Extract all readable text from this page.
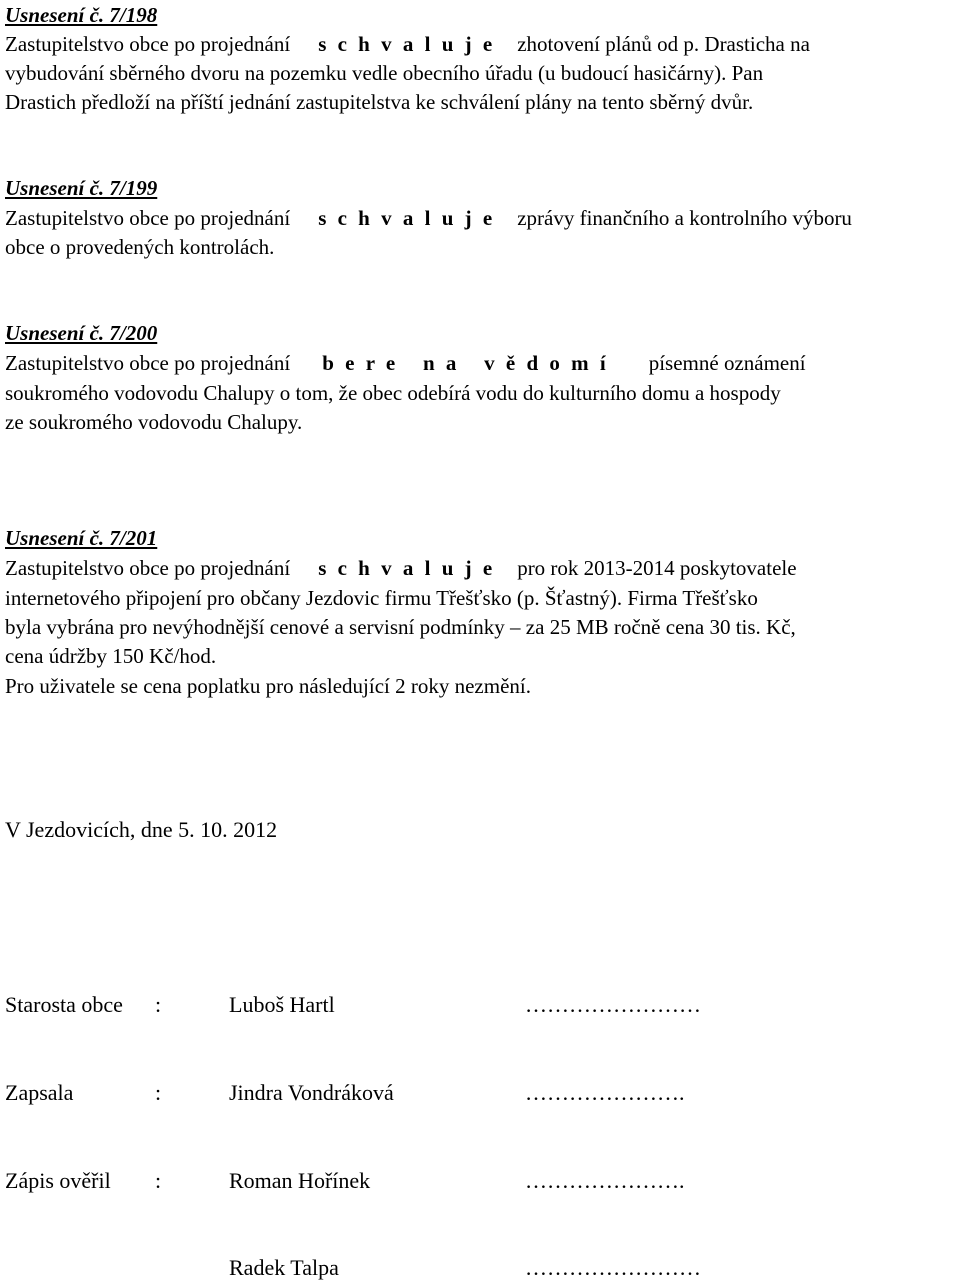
Usnesení č. 7/198
Zastupitelstvo obce po projednání s c h v a l u j e zhotovení plánů od p. Drasticha na
vybudování sběrného dvoru na pozemku vedle obecního úřadu (u budoucí hasičárny). Pan
Drastich předloží na příští jednání zastupitelstva ke schválení plány na tento sběrný dvůr.
Usnesení č. 7/199
Zastupitelstvo obce po projednání s c h v a l u j e zprávy finančního a kontrolního výboru
obce o provedených kontrolách.
Usnesení č. 7/200
Zastupitelstvo obce po projednání b e r e   n a   v ě d o m í písemné oznámení
soukromého vodovodu Chalupy o tom, že obec odebírá vodu do kulturního domu a hospody
ze soukromého vodovodu Chalupy.
Usnesení č. 7/201
Zastupitelstvo obce po projednání s c h v a l u j e pro rok 2013-2014 poskytovatele
internetového připojení pro občany Jezdovic firmu Třešťsko (p. Šťastný). Firma Třešťsko
byla vybrána pro nevýhodnější cenové a servisní podmínky – za 25 MB ročně cena 30 tis. Kč,
cena údržby 150 Kč/hod.
Pro uživatele se cena poplatku pro následující 2 roky nezmění.
V Jezdovicích, dne 5. 10. 2012
Starosta obce :	Luboš Hartl	……………………
Zapsala	:	Jindra Vondráková	………………….
Zápis ověřil :	Roman Hořínek	………………….
Radek Talpa	……………………
